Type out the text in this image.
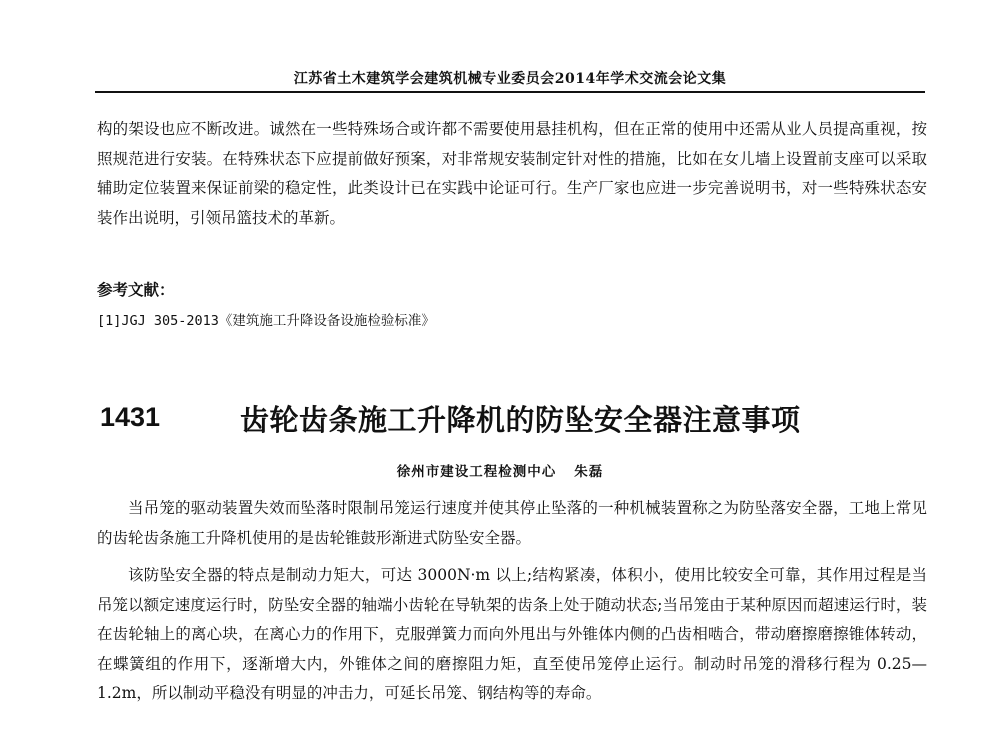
江苏省土木建筑学会建筑机械专业委员会2014年学术交流会论文集

构的架设也应不断改进。诚然在一些特殊场合或许都不需要使用悬挂机构，但在正常的使用中还需从业人员提高重视，按照规范进行安装。在特殊状态下应提前做好预案，对非常规安装制定针对性的措施，比如在女儿墙上设置前支座可以采取辅助定位装置来保证前梁的稳定性，此类设计已在实践中论证可行。生产厂家也应进一步完善说明书，对一些特殊状态安装作出说明，引领吊篮技术的革新。

参考文献：
[1]JGJ 305-2013《建筑施工升降设备设施检验标准》
1431	齿轮齿条施工升降机的防坠安全器注意事项
徐州市建设工程检测中心 朱磊

当吊笼的驱动装置失效而坠落时限制吊笼运行速度并使其停止坠落的一种机械装置称之为防坠落安全器，工地上常见的齿轮齿条施工升降机使用的是齿轮锥鼓形渐进式防坠安全器。

该防坠安全器的特点是制动力矩大，可达 3000N·m 以上;结构紧凑，体积小，使用比较安全可靠，其作用过程是当吊笼以额定速度运行时，防坠安全器的轴端小齿轮在导轨架的齿条上处于随动状态;当吊笼由于某种原因而超速运行时，装在齿轮轴上的离心块，在离心力的作用下，克服弹簧力而向外甩出与外锥体内侧的凸齿相啮合，带动磨擦磨擦锥体转动，在蝶簧组的作用下，逐渐增大内，外锥体之间的磨擦阻力矩，直至使吊笼停止运行。制动时吊笼的滑移行程为 0.25—1.2m，所以制动平稳没有明显的冲击力，可延长吊笼、钢结构等的寿命。
